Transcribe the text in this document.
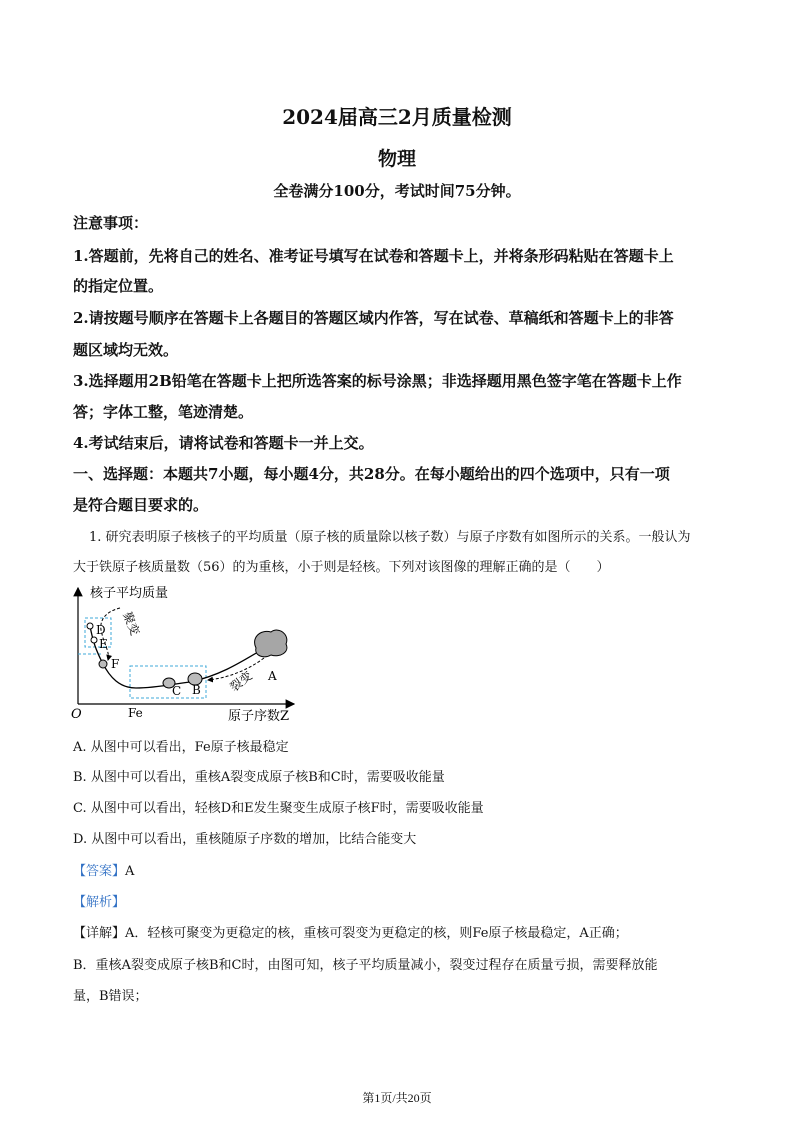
2024届高三2月质量检测
物理
全卷满分100分，考试时间75分钟。
注意事项：
1.答题前，先将自己的姓名、准考证号填写在试卷和答题卡上，并将条形码粘贴在答题卡上
的指定位置。
2.请按题号顺序在答题卡上各题目的答题区域内作答，写在试卷、草稿纸和答题卡上的非答
题区域均无效。
3.选择题用2B铅笔在答题卡上把所选答案的标号涂黑；非选择题用黑色签字笔在答题卡上作
答；字体工整，笔迹清楚。
4.考试结束后，请将试卷和答题卡一并上交。
一、选择题：本题共7小题，每小题4分，共28分。在每小题给出的四个选项中，只有一项
是符合题目要求的。
1. 研究表明原子核核子的平均质量（原子核的质量除以核子数）与原子序数有如图所示的关系。一般认为
大于铁原子核质量数（56）的为重核，小于则是轻核。下列对该图像的理解正确的是（　　）
核子平均质量
原子序数Z
O	Fe
D
E
F
C B
A
裂变
聚变
A. 从图中可以看出，Fe原子核最稳定
B. 从图中可以看出，重核A裂变成原子核B和C时，需要吸收能量
C. 从图中可以看出，轻核D和E发生聚变生成原子核F时，需要吸收能量
D. 从图中可以看出，重核随原子序数的增加，比结合能变大
【答案】A
【解析】
【详解】A．轻核可聚变为更稳定的核，重核可裂变为更稳定的核，则Fe原子核最稳定，A正确；
B．重核A裂变成原子核B和C时，由图可知，核子平均质量减小，裂变过程存在质量亏损，需要释放能
量，B错误；
第1页/共20页
